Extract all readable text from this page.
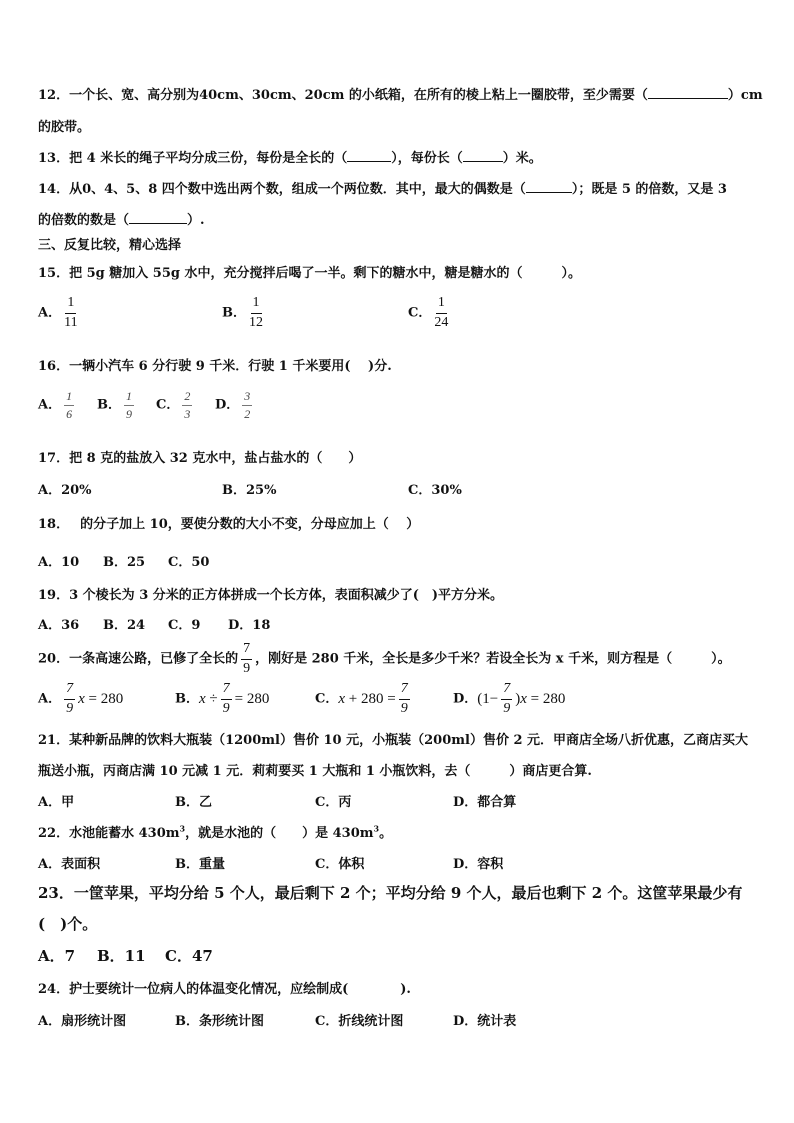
12．一个长、宽、高分别为40cm、30cm、20cm 的小纸箱，在所有的棱上粘上一圈胶带，至少需要（	）cm
的胶带。
13．把 4 米长的绳子平均分成三份，每份是全长的（	），每份长（	）米。
14．从0、4、5、8 四个数中选出两个数，组成一个两位数．其中，最大的偶数是（	）；既是 5 的倍数，又是 3
的倍数的数是（	）.
三、反复比较，精心选择
15．把 5g 糖加入 55g 水中，充分搅拌后喝了一半。剩下的糖水中，糖是糖水的（　　　）。
A． $\frac{1}{11}$	B． $\frac{1}{12}$	C． $\frac{1}{24}$
16．一辆小汽车 6 分行驶 9 千米．行驶 1 千米要用(　 )分.
A． $\frac{1}{6}$ B． $\frac{1}{9}$ C． $\frac{2}{3}$ D． $\frac{3}{2}$
17．把 8 克的盐放入 32 克水中，盐占盐水的（　　）
A．20%	B．25%	C．30%
18．　 的分子加上 10，要使分数的大小不变，分母应加上（　 ）
A．10 B．25 C．50
19．3 个棱长为 3 分米的正方体拼成一个长方体，表面积减少了(　)平方分米。
A．36 B．24 C．9 D．18
20．一条高速公路，已修了全长的 $\frac{7}{9}$ ，刚好是 280 千米，全长是多少千米？若设全长为 x 千米，则方程是（　　　）。
A． $\frac{7}{9}$ x = 280	B．$x \div \frac{7}{9} = 280$	C．$x + 280 = \frac{7}{9}$	D．$(1- \frac{7}{9} )x = 280$
21．某种新品牌的饮料大瓶装（1200ml）售价 10 元，小瓶装（200ml）售价 2 元．甲商店全场八折优惠，乙商店买大
瓶送小瓶，丙商店满 10 元减 1 元．莉莉要买 1 大瓶和 1 小瓶饮料，去（　　　）商店更合算.
A．甲	B．乙	C．丙	D．都合算
22．水池能蓄水 $430m^3$，就是水池的（　　）是 $430m^3$。
A．表面积	B．重量	C．体积	D．容积
23．一筐苹果，平均分给 5 个人，最后剩下 2 个；平均分给 9 个人，最后也剩下 2 个。这筐苹果最少有
(　)个。
A．7 B．11 C．47
24．护士要统计一位病人的体温变化情况，应绘制成(　　　　).
A．扇形统计图	B．条形统计图	C．折线统计图	D．统计表
